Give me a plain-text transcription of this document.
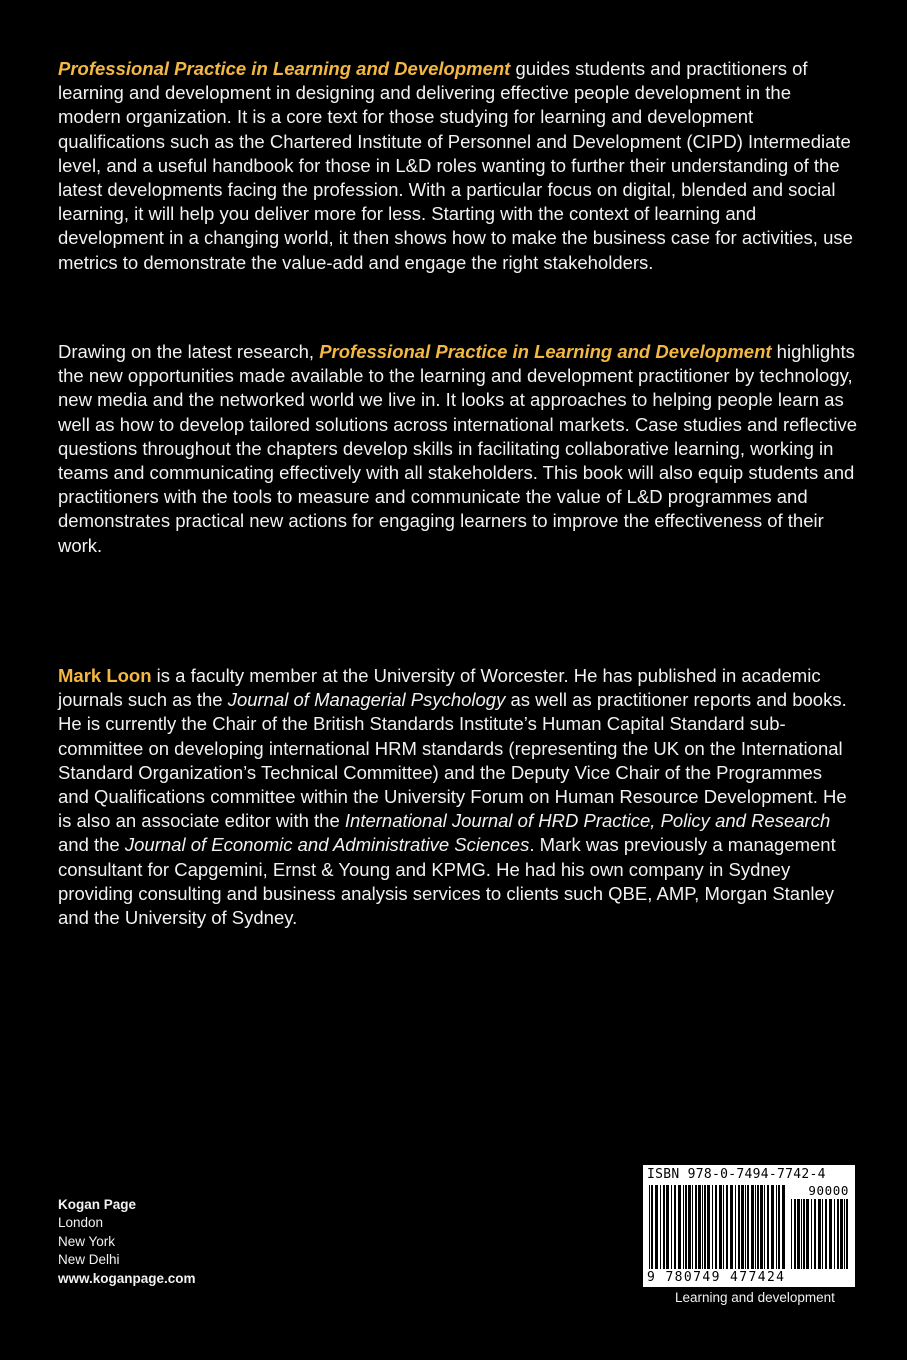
Professional Practice in Learning and Development guides students and practitioners of learning and development in designing and delivering effective people development in the modern organization. It is a core text for those studying for learning and development qualifications such as the Chartered Institute of Personnel and Development (CIPD) Intermediate level, and a useful handbook for those in L&D roles wanting to further their understanding of the latest developments facing the profession. With a particular focus on digital, blended and social learning, it will help you deliver more for less. Starting with the context of learning and development in a changing world, it then shows how to make the business case for activities, use metrics to demonstrate the value-add and engage the right stakeholders.

Drawing on the latest research, Professional Practice in Learning and Development highlights the new opportunities made available to the learning and development practitioner by technology, new media and the networked world we live in. It looks at approaches to helping people learn as well as how to develop tailored solutions across international markets. Case studies and reflective questions throughout the chapters develop skills in facilitating collaborative learning, working in teams and communicating effectively with all stakeholders. This book will also equip students and practitioners with the tools to measure and communicate the value of L&D programmes and demonstrates practical new actions for engaging learners to improve the effectiveness of their work.

Mark Loon is a faculty member at the University of Worcester. He has published in academic journals such as the Journal of Managerial Psychology as well as practitioner reports and books. He is currently the Chair of the British Standards Institute’s Human Capital Standard sub-committee on developing international HRM standards (representing the UK on the International Standard Organization’s Technical Committee) and the Deputy Vice Chair of the Programmes and Qualifications committee within the University Forum on Human Resource Development. He is also an associate editor with the International Journal of HRD Practice, Policy and Research and the Journal of Economic and Administrative Sciences. Mark was previously a management consultant for Capgemini, Ernst & Young and KPMG. He had his own company in Sydney providing consulting and business analysis services to clients such QBE, AMP, Morgan Stanley and the University of Sydney.

Kogan Page
London
New York
New Delhi
www.koganpage.com
ISBN 978-0-7494-7742-4
90000
9 780749 477424
Learning and development
